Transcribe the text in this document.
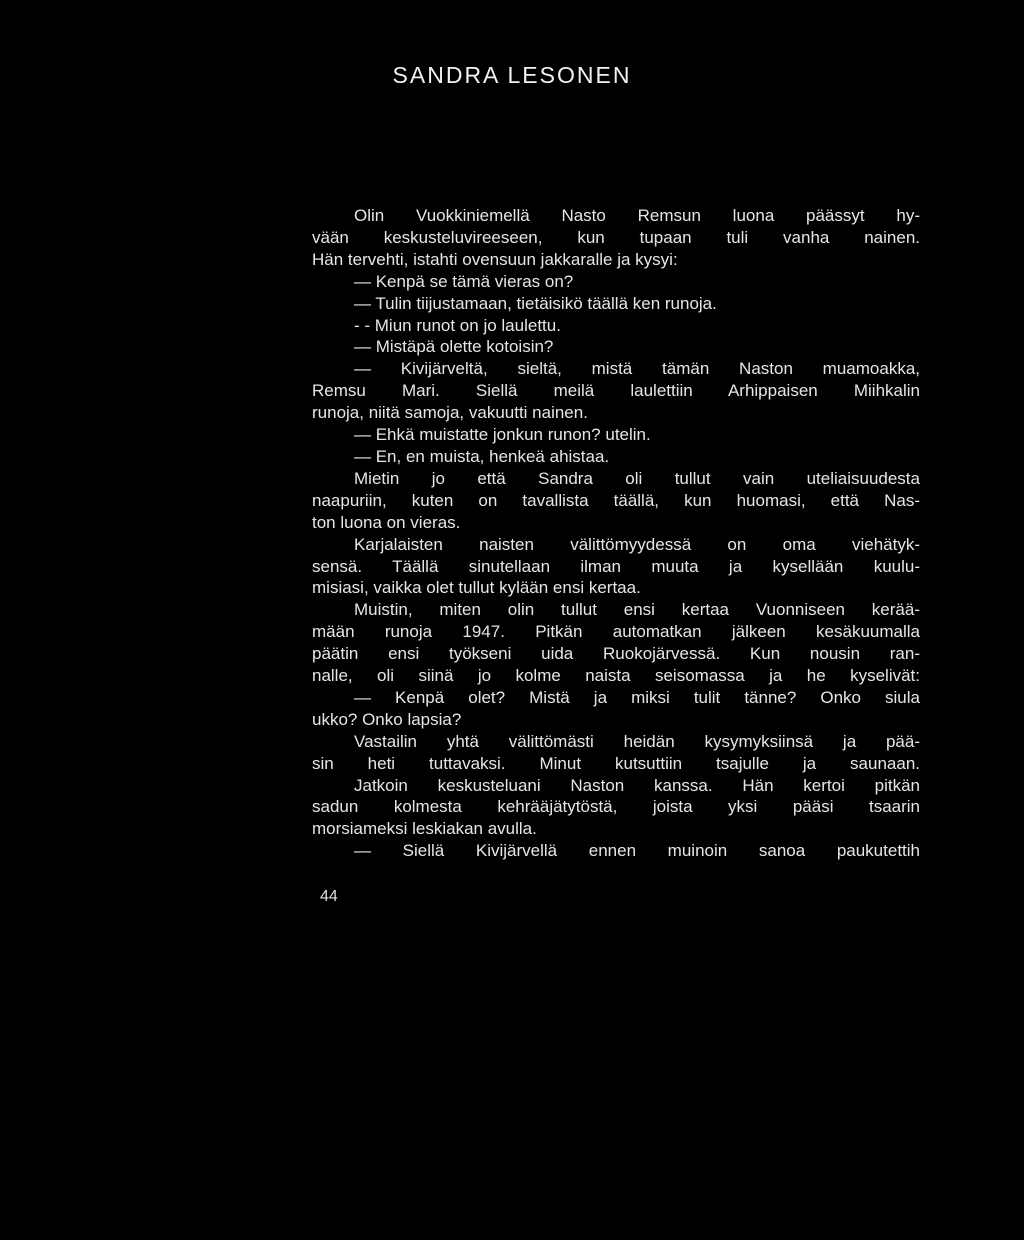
SANDRA LESONEN
Olin Vuokkiniemellä Nasto Remsun luona päässyt hy-
vään keskusteluvireeseen, kun tupaan tuli vanha nainen.
Hän tervehti, istahti ovensuun jakkaralle ja kysyi:
— Kenpä se tämä vieras on?
— Tulin tiijustamaan, tietäisikö täällä ken runoja.
- - Miun runot on jo laulettu.
— Mistäpä olette kotoisin?
— Kivijärveltä, sieltä, mistä tämän Naston muamoakka,
Remsu Mari. Siellä meilä laulettiin Arhippaisen Miihkalin
runoja, niitä samoja, vakuutti nainen.
— Ehkä muistatte jonkun runon? utelin.
— En, en muista, henkeä ahistaa.
Mietin jo että Sandra oli tullut vain uteliaisuudesta
naapuriin, kuten on tavallista täällä, kun huomasi, että Nas-
ton luona on vieras.
Karjalaisten naisten välittömyydessä on oma viehätyk-
sensä. Täällä sinutellaan ilman muuta ja kysellään kuulu-
misiasi, vaikka olet tullut kylään ensi kertaa.
Muistin, miten olin tullut ensi kertaa Vuonniseen kerää-
mään runoja 1947. Pitkän automatkan jälkeen kesäkuumalla
päätin ensi työkseni uida Ruokojärvessä. Kun nousin ran-
nalle, oli siinä jo kolme naista seisomassa ja he kyselivät:
— Kenpä olet? Mistä ja miksi tulit tänne? Onko siula
ukko? Onko lapsia?
Vastailin yhtä välittömästi heidän kysymyksiinsä ja pää-
sin heti tuttavaksi. Minut kutsuttiin tsajulle ja saunaan.
Jatkoin keskusteluani Naston kanssa. Hän kertoi pitkän
sadun kolmesta kehrääjätytöstä, joista yksi pääsi tsaarin
morsiameksi leskiakan avulla.
— Siellä Kivijärvellä ennen muinoin sanoa paukutettih
44
